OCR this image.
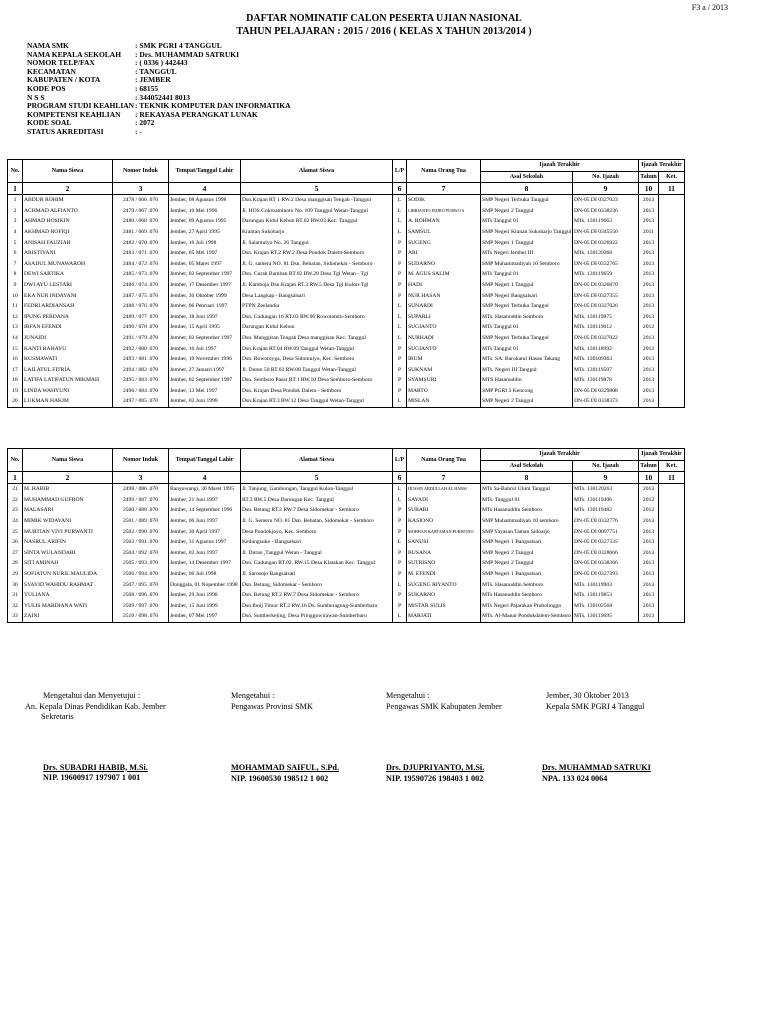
F3 a / 2013
DAFTAR NOMINATIF CALON PESERTA UJIAN NASIONAL
TAHUN PELAJARAN : 2015 / 2016 ( KELAS X TAHUN 2013/2014 )
NAMA SMK	: SMK PGRI 4 TANGGUL
NAMA KEPALA SEKOLAH	: Drs. MUHAMMAD SATRUKI
NOMOR TELP/FAX	: ( 0336 ) 442443
KECAMATAN	: TANGGUL
KABUPATEN / KOTA	: JEMBER
KODE POS	: 68155
N S S	: 344052441 8013
PROGRAM STUDI KEAHLIAN : TEKNIK KOMPUTER DAN INFORMATIKA
KOMPETENSI KEAHLIAN	: REKAYASA PERANGKAT LUNAK
KODE SOAL	: 2072
STATUS AKREDITASI	: -
No.	Nama Siswa	Nomor Induk	Tempat/Tanggal Lahir	Alamat Siswa	L/P	Nama Orang Tua	Ijazah Terakhir		Ijazah Terakhir	
							Asal Sekolah	No. Ijazah	Tahun	Ket.
1	2	3	4	5	6	7	8	9	10	11
1	ABDUR ROHIM	2478 / 066 .070	Jember, 08 Agustus 1998	Dsn.Krajan RT 1 RW.2 Desa manggisan Tengah -Tanggul	L	SODIK	SMP Negeri Terbuka Tanggul	DN-05 DI 0327023	2013	
2	ACHMAD ALFIANTO	2479 / 067 .070	Jember, 10 Mei 1996	Jl. HOS Cokroaminoto No. 109 Tanggul Wetan-Tanggul	L	LIBRIANTO INDRO PURWO S	SMP Negeri 2 Tanggul	DN-05 DI 0338236	2013	
3	AHMAD HOSIKIN	2480 / 068 .070	Jember, 09 Agustus 1995	Darungan Kidul Kebun RT.02 RW.03 Kec. Tanggul	L	A. ROHMAN	MTs Tanggul 01	MTs. 130119663	2013	
4	AKHMAD ROFIQI	2481 / 069 .070	Jember, 27 April 1995	Krantan Sukoharjo	L	SAMSUL	SMP Negeri Kranan Sukoharjo Tanggul	DN-05 DI 0345556	2011	
5	ANISAH FAUZIAH	2482 / 070 .070	Jember, 16 Juli 1998	Jl. Salamulyo No. 26 Tanggul	P	SUGENG	SMP Negeri 1 Tanggul	DN-05 DI 0326922	2013	
6	ARISTIYANI	2483 / 071 .070	Jember, 05 Mei 1997	Dsn. Krajan RT.2 RW.2 Desa Pondok Dalem-Semboro	P	ARI	MTs Negeri Jember III	MTs. 130139366	2013	
7	ASADUL MUNAWAROH	2484 / 072 .070	Jember, 05 Maret 1997	Jl. G. samera NO. 81 Dsn. Bebatan, Sidomekar - Semboro	P	SUDARNO	SMP Muhammadiyah 10 Semboro	DN-05 DI 0332765	2013	
8	DEWI SARTIKA	2485 / 073 .070	Jember, 02 September 1997	Dsn. Curah Bamban RT.02 RW.28 Desa Tgl Wetan - Tgl	P	M. AGUS SALIM	MTs Tanggul 01	MTs. 130119659	2013	
9	DWI AYU LESTARI	2486 / 074 .070	Jember, 17 Desember 1997	Jl. Kamboja Dsn.Krajan RT.3 RW.5 Desa Tgl Kulon-Tgl	P	HADI	SMP Negeri 1 Tanggul	DN-05 DI 0326870	2013	
10	EKA NUR INDAYANI	2487 / 075 .070	Jember, 30 Oktober 1999	Desa Langkap - Bangsalsari	P	NUR HASAN	SMP Negeri Bangsalsari	DN-05 DI 0327355	2013	
11	FEDRI ARDIANSAH	2488 / 076 .070	Jember, 06 Pebruari 1997	PTPN Zeelandia	L	SUNARDI	SMP Negeri Terbuka Tanggul	DN-05 DI 0327026	2013	
12	IPUNG PERDANA	2489 / 077 .070	Jember, 18 Juni 1997	Dsn. Gadungan 16 RT.03 RW.06 Rowotamtu-Semboro	L	SUPARLI	MTs. Hasanuddin Semboro	MTs. 130119875	2013	
13	IRFAN EFENDI	2490 / 078 .070	Jember, 15 April 1995	Darungan Kidul Kebun	L	SUGIANTO	MTs Tanggul 01	MTs. 130119612	2012	
14	JUNAIDI	2491 / 079 .070	Jember, 02 September 1997	Dsn. Manggisan Tengah Desa manggisan Kec. Tanggul	L	NURHADI	SMP Negeri Terbuka Tanggul	DN-05 DI 0327022	2013	
15	KANTI RAHAYU	2492 / 080 .070	Jember, 16 Juli 1997	Dsn.Krajan RT.04 RW.09 Tanggul Wetan-Tanggul	P	SUGIANTO	MTs Tanggul 01	MTs. 130118992	2012	
16	KUSMAWATI	2493 / 081 .070	Jember, 10 November 1996	Dsn. Rowotoyga, Desa Sidomulyo, Kec. Semboro	P	IRUM	MTs. SA. Barokatul Hasan Takang	MTs. 130109363	2013	
17	LAILATUL FITRIA	2494 / 082 .070	Jember, 27 Januari 1997	Jl. Duren 50 RT.03 RW.08 Tanggul Wetan-Tanggul	P	SUKNAM	MTs. Negeri III Tanggul	MTs. 130119507	2013	
18	LATIFA LATIFATUN MIKMAH	2495 / 083 .070	Jember, 02 September 1997	Dsn. Semboro Pasar RT.1 RW.10 Desa Semboro-Semboro	P	SYAMSURI	MTS Hasanuddin	MTs. 130119878	2013	
19	LINDA WAHYUNI	2496 / 084 .070	Jember, 13 Mei 1997	Dsn. Krajan Desa Pondok Dalem - Semboro	P	MARTO	SMP PGRI 3 Kencong	DN-05 DI 0329808	2013	
20	LUKMAN HAKIM	2497 / 085 .070	Jember, 02 Juni 1998	Dsn.Krajan RT.3 RW.12 Desa Tanggul Wetan-Tanggul	L	MISLAN	SMP Negeri 2 Tanggul	DN-05 DI 0338373	2013	
No.	Nama Siswa	Nomor Induk	Tempat/Tanggal Lahir	Alamat Siswa	L/P	Nama Orang Tua	Ijazah Terakhir		Ijazah Terakhir	
							Asal Sekolah	No. Ijazah	Tahun	Ket.
1	2	3	4	5	6	7	8	9	10	11
21	M. HABIB	2498 / 086 .070	Banyuwangi, 30 Maret 1995	Jl. Tanjung, Gambongan, Tanggul Kulon-Tanggul	L	HUSSIN ABDULLAH AL HABSI	MTs Sa-Bahrul Ulum Tanggul	MTs. 130120263	2013	
22	MUHAMMAD GUFRON	2499 / 087 .070	Jember, 21 Juni 1997	RT.3 RW.5 Desa Darungan Kec. Tanggul	L	SAYADI	MTs. Tanggul 01	MTs. 130119406	2012	
23	MALASARI	2500 / 088 .070	Jember, 14 September 1996	Dsn. Betung RT.2 RW.7 Desa Sidomekar - Semboro	P	SUBARI	MTs Hasanuddin Semboro	MTs. 130119482	2012	
24	MIMIK WIDAYANI	2501 / 089 .070	Jember, 06 Juni 1997	Jl. G. Semeru NO. 81 Dsn. Bebatan, Sidomekar - Semboro	P	KASIONO	SMP Muhammadiyah 10 semboro	DN-05 DI 0332776	2013	
25	MURTIAN VIVI PURWANTI	2502 / 090 .070	Jember, 30 April 1997	Desa Pondokjoyo, Kec. Semboro	P	MOHHAN KARTAMAN PURWONO	SMP Yayasan Taman Sidoarjo	DN-05 DI 0097751	2013	
26	NASRUL ARIFIN	2503 / 091 .070	Jember, 31 Agustus 1997	Kedungsuko - Bangsalsari	L	SANUSI	SMP Negeri 1 Bangsalsari	DN-05 DI 0327335	2013	
27	SINTA WULANDARI	2504 / 092 .070	Jember, 02 Juni 1997	Jl. Duran ,Tanggul Wetan - Tanggul	P	BUSANA	SMP Negeri 2 Tanggul	DN-05 DI 0328666	2013	
28	SITI AMINAH	2505 / 093 .070	Jember, 14 Desember 1997	Dsn. Gadungan RT.02, RW.15 Desa Klatakan Kec. Tanggul	P	SUTRISNO	SMP Negeri 2 Tanggul	DN-05 DI 0338366	2013	
29	SOFIATUN NURIL MAULIDA	2506 / 094 .070	Jember, 06 Juli 1998	Jl. Sarosojo Bangsalsari	P	M. EFENDI	SMP Negeri 1 Bangsalsari	DN-05 DI 0327393	2013	
30	SYAYID WAHIDU RAHMAT	2507 / 095 .070	Donggala, 01 Nopember 1998	Dsn. Betung, Sidomekar - Semboro	L	SUGENG RIYANTO	MTs. Hasanuddin Semboro	MTs. 130119903	2013	
31	YULIANA	2508 / 096 .070	Jember, 29 Juni 1998	Dsn. Betung RT.2 RW.7 Desa Sidomekar - Semboro	P	SUKARNO	MTs Hasanuddin Semboro	MTs. 130119853	2013	
32	YULIS MARDIANA WATI	2509 / 097 .070	Jember, 15 Juni 1999	Dsn.Ibnij Timur RT.2 RW.16 Ds. Sumberagung-Sumberbaru	P	MISTAR SULIS	MTs Negeri Pajarakan Probolinggo	MTs. 130102568	2013	
33	ZAINI	2510 / 098 .070	Jember, 07 Mei 1997	Dsn. Sumberkejing, Desa Pringgowirawan-Sumberbaru	L	MARJATI	MTs. Al-Manar Pondokdalem-Semboro	MTs. 130119695	2013	
Mengetahui dan Menyetujui :
An. Kepala Dinas Pendidikan Kab. Jember
Sekretaris
Drs. SUBADRI HABIB, M.Si.
NIP. 19600917 197907 1 001
Mengetahui :
Pengawas Provinsi SMK
MOHAMMAD SAIFUL, S.Pd.
NIP. 19600530 198512 1 002
Mengetahui :
Pengawas SMK Kabupaten Jember
Drs. DJUPRIYANTO, M.Si.
NIP. 19590726 198403 1 002
Jember, 30 Oktober 2013
Kepala SMK PGRI 4 Tanggul
Drs. MUHAMMAD SATRUKI
NPA. 133 024 0064
